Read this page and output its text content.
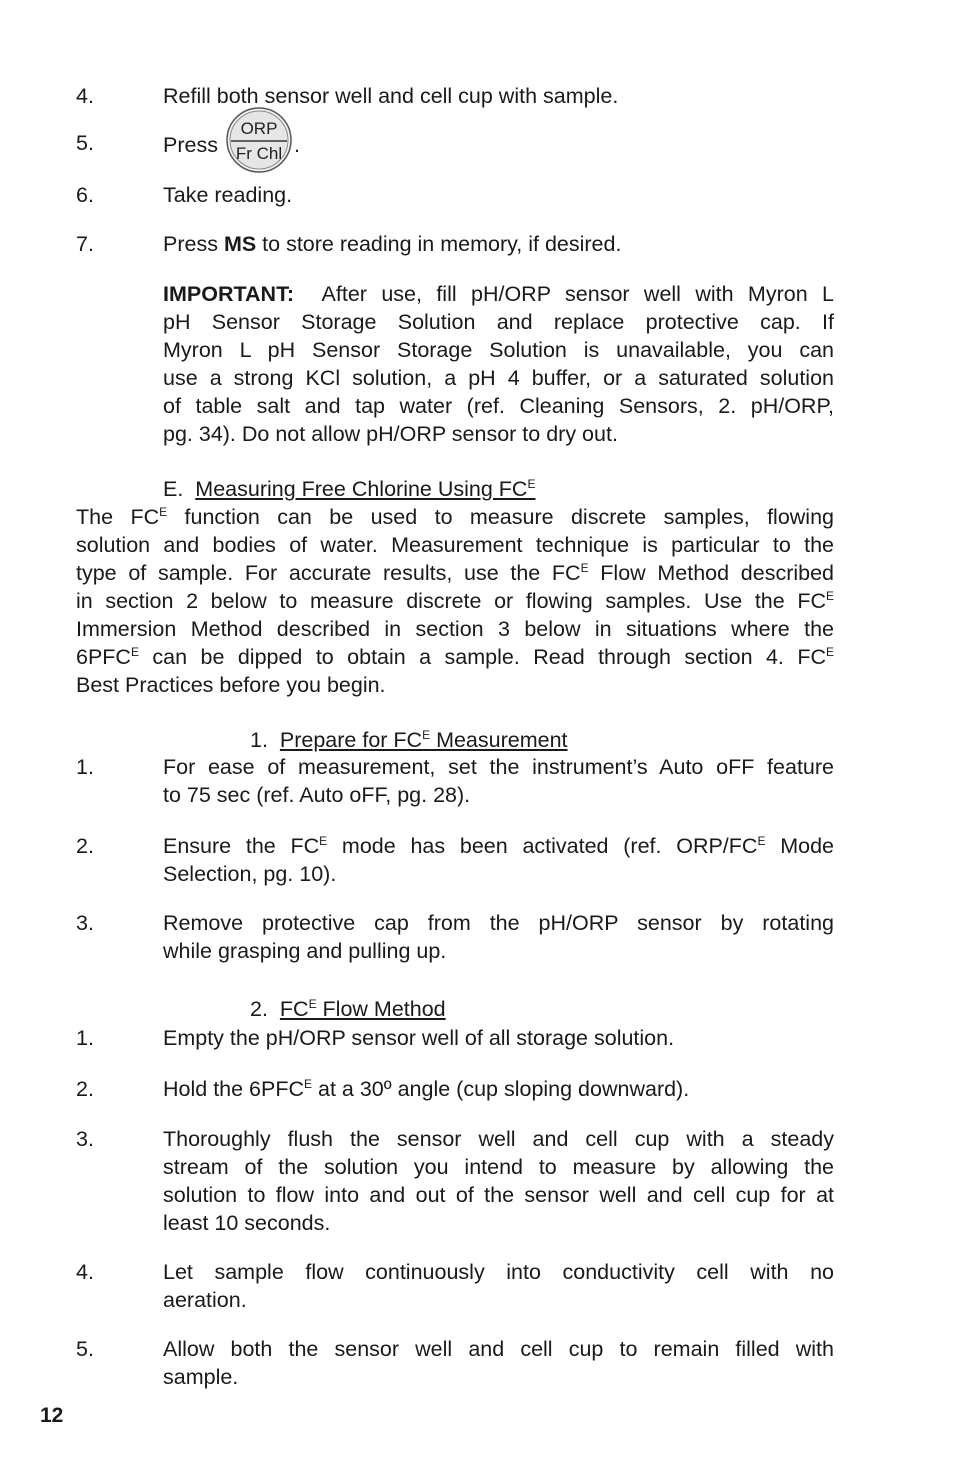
4.	Refill both sensor well and cell cup with sample.
5.	Press
ORP
Fr Chl .
6.	Take reading.
7.	Press MS to store reading in memory, if desired.
IMPORTANT: After use, fill pH/ORP sensor well with Myron L
pH Sensor Storage Solution and replace protective cap. If
Myron L pH Sensor Storage Solution is unavailable, you can
use a strong KCl solution, a pH 4 buffer, or a saturated solution
of table salt and tap water (ref. Cleaning Sensors, 2. pH/ORP,
pg. 34). Do not allow pH/ORP sensor to dry out.
E. Measuring Free Chlorine Using $FC^E$
The $FC^E$ function can be used to measure discrete samples, flowing
solution and bodies of water. Measurement technique is particular to the
type of sample. For accurate results, use the $FC^E$ Flow Method described
in section 2 below to measure discrete or flowing samples. Use the $FC^E$
Immersion Method described in section 3 below in situations where the
$6PFC^E$ can be dipped to obtain a sample. Read through section 4. $FC^E$
Best Practices before you begin.
1. Prepare for $FC^E$ Measurement
1.	For ease of measurement, set the instrument’s Auto oFF feature
to 75 sec (ref. Auto oFF, pg. 28).
2.	Ensure the $FC^E$ mode has been activated (ref. ORP/$FC^E$ Mode
Selection, pg. 10).
3.	Remove protective cap from the pH/ORP sensor by rotating
while grasping and pulling up.
2. $FC^E$ Flow Method
1.	Empty the pH/ORP sensor well of all storage solution.
2.	Hold the $6PFC^E$ at a 30º angle (cup sloping downward).
3.	Thoroughly flush the sensor well and cell cup with a steady
stream of the solution you intend to measure by allowing the
solution to flow into and out of the sensor well and cell cup for at
least 10 seconds.
4.	Let sample flow continuously into conductivity cell with no
aeration.
5.	Allow both the sensor well and cell cup to remain filled with
sample.
12
